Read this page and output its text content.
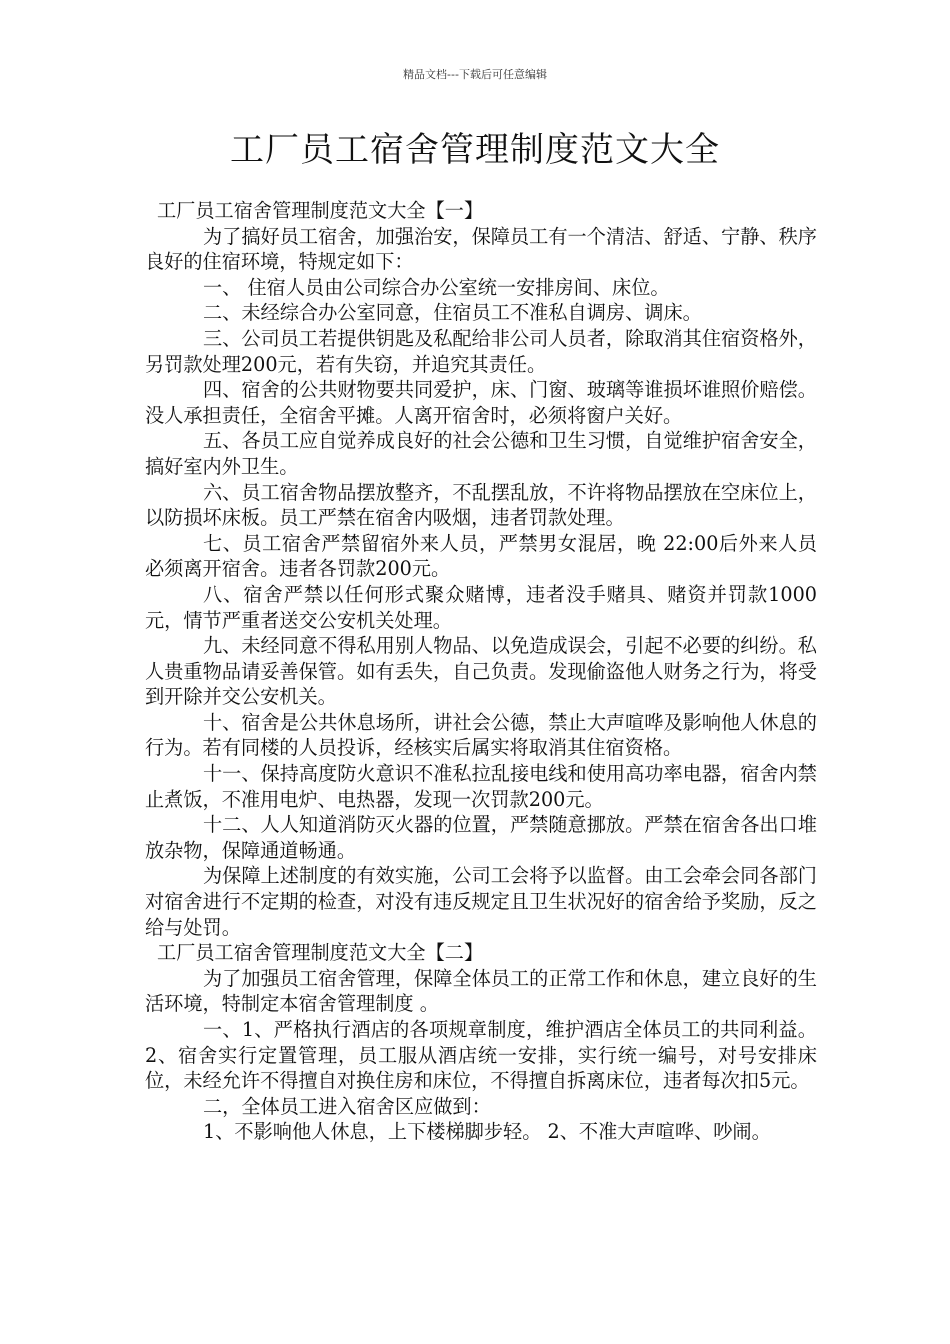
精品文档---下载后可任意编辑
工厂员工宿舍管理制度范文大全

工厂员工宿舍管理制度范文大全【一】

为了搞好员工宿舍，加强治安，保障员工有一个清洁、舒适、宁静、秩序良好的住宿环境，特规定如下：

一、 住宿人员由公司综合办公室统一安排房间、床位。

二、未经综合办公室同意，住宿员工不准私自调房、调床。

三、公司员工若提供钥匙及私配给非公司人员者，除取消其住宿资格外，另罚款处理200元，若有失窃，并追究其责任。

四、宿舍的公共财物要共同爱护，床、门窗、玻璃等谁损坏谁照价赔偿。没人承担责任，全宿舍平摊。人离开宿舍时，必须将窗户关好。

五、各员工应自觉养成良好的社会公德和卫生习惯，自觉维护宿舍安全，搞好室内外卫生。

六、员工宿舍物品摆放整齐，不乱摆乱放，不许将物品摆放在空床位上，以防损坏床板。员工严禁在宿舍内吸烟，违者罚款处理。

七、员工宿舍严禁留宿外来人员，严禁男女混居，晚 22:00后外来人员必须离开宿舍。违者各罚款200元。

八、宿舍严禁以任何形式聚众赌博，违者没手赌具、赌资并罚款1000元，情节严重者送交公安机关处理。

九、未经同意不得私用别人物品、以免造成误会，引起不必要的纠纷。私人贵重物品请妥善保管。如有丢失，自己负责。发现偷盗他人财务之行为，将受到开除并交公安机关。

十、宿舍是公共休息场所，讲社会公德，禁止大声喧哗及影响他人休息的行为。若有同楼的人员投诉，经核实后属实将取消其住宿资格。

十一、保持高度防火意识不准私拉乱接电线和使用高功率电器，宿舍内禁止煮饭，不准用电炉、电热器，发现一次罚款200元。

十二、人人知道消防灭火器的位置，严禁随意挪放。严禁在宿舍各出口堆放杂物，保障通道畅通。

为保障上述制度的有效实施，公司工会将予以监督。由工会牵会同各部门对宿舍进行不定期的检查，对没有违反规定且卫生状况好的宿舍给予奖励，反之给与处罚。

工厂员工宿舍管理制度范文大全【二】

为了加强员工宿舍管理，保障全体员工的正常工作和休息，建立良好的生活环境，特制定本宿舍管理制度 。

一、1、严格执行酒店的各项规章制度，维护酒店全体员工的共同利益。2、宿舍实行定置管理，员工服从酒店统一安排，实行统一编号，对号安排床位，未经允许不得擅自对换住房和床位，不得擅自拆离床位，违者每次扣5元。

二，全体员工进入宿舍区应做到：

1、不影响他人休息，上下楼梯脚步轻。 2、不准大声喧哗、吵闹。
